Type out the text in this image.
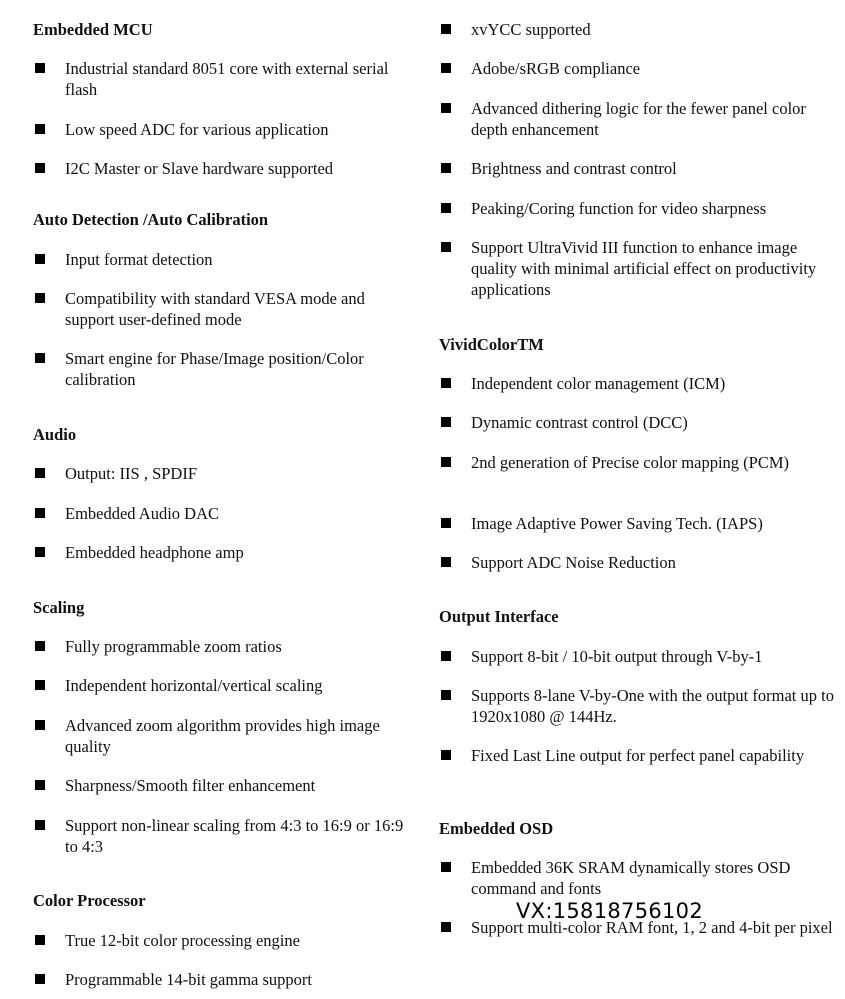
Embedded MCU
Industrial standard 8051 core with external serial flash
Low speed ADC for various application
I2C Master or Slave hardware supported
Auto Detection /Auto Calibration
Input format detection
Compatibility with standard VESA mode and support user-defined mode
Smart engine for Phase/Image position/Color calibration
Audio
Output: IIS , SPDIF
Embedded Audio DAC
Embedded headphone amp
Scaling
Fully programmable zoom ratios
Independent horizontal/vertical scaling
Advanced zoom algorithm provides high image quality
Sharpness/Smooth filter enhancement
Support non-linear scaling from 4:3 to 16:9 or 16:9 to 4:3
Color Processor
True 12-bit color processing engine
Programmable 14-bit gamma support
xvYCC supported
Adobe/sRGB compliance
Advanced dithering logic for the fewer panel color depth enhancement
Brightness and contrast control
Peaking/Coring function for video sharpness
Support UltraVivid III function to enhance image quality with minimal artificial effect on productivity applications
VividColorTM
Independent color management (ICM)
Dynamic contrast control (DCC)
2nd generation of Precise color mapping (PCM)
Image Adaptive Power Saving Tech. (IAPS)
Support ADC Noise Reduction
Output Interface
Support 8-bit / 10-bit output through V-by-1
Supports 8-lane V-by-One with the output format up to 1920x1080 @ 144Hz.
Fixed Last Line output for perfect panel capability
Embedded OSD
Embedded 36K SRAM dynamically stores OSD command and fonts
Support multi-color RAM font, 1, 2 and 4-bit per pixel
VX:15818756102
